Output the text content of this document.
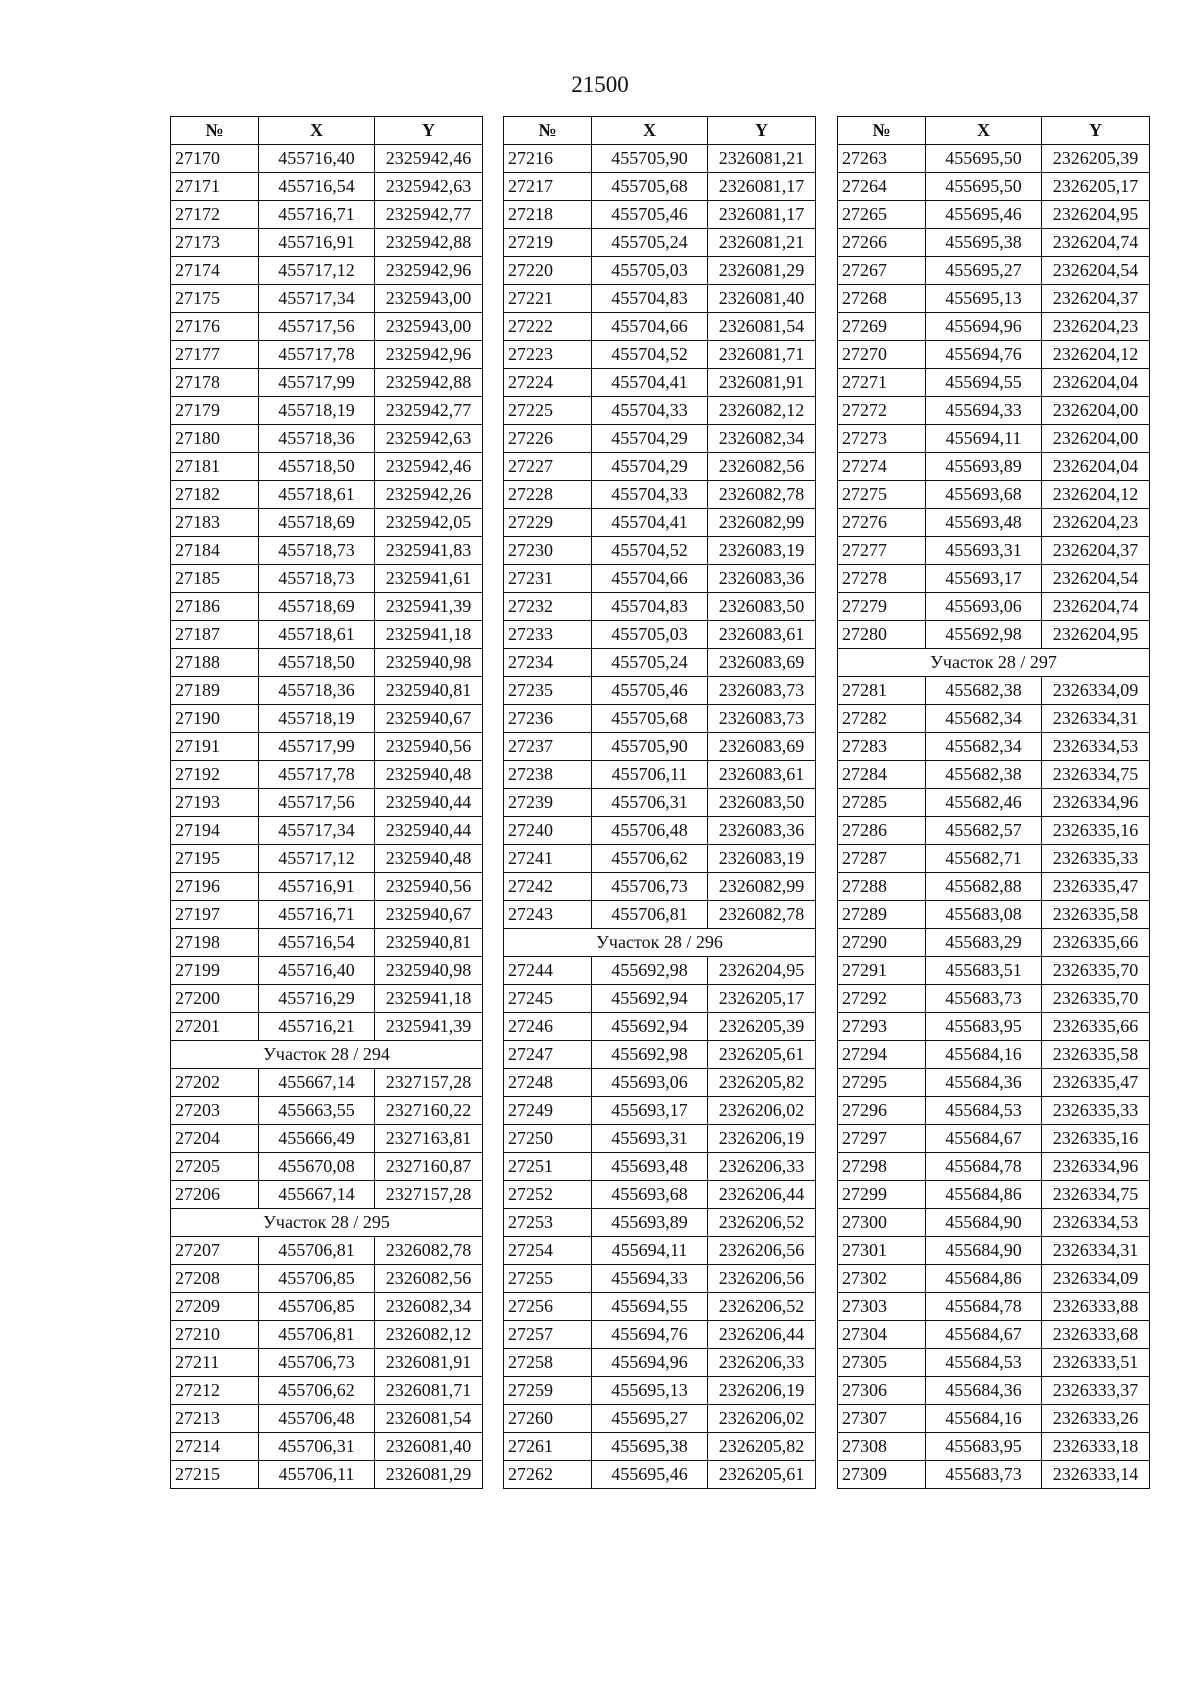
21500
№	X	Y
27170	455716,40	2325942,46
27171	455716,54	2325942,63
27172	455716,71	2325942,77
27173	455716,91	2325942,88
27174	455717,12	2325942,96
27175	455717,34	2325943,00
27176	455717,56	2325943,00
27177	455717,78	2325942,96
27178	455717,99	2325942,88
27179	455718,19	2325942,77
27180	455718,36	2325942,63
27181	455718,50	2325942,46
27182	455718,61	2325942,26
27183	455718,69	2325942,05
27184	455718,73	2325941,83
27185	455718,73	2325941,61
27186	455718,69	2325941,39
27187	455718,61	2325941,18
27188	455718,50	2325940,98
27189	455718,36	2325940,81
27190	455718,19	2325940,67
27191	455717,99	2325940,56
27192	455717,78	2325940,48
27193	455717,56	2325940,44
27194	455717,34	2325940,44
27195	455717,12	2325940,48
27196	455716,91	2325940,56
27197	455716,71	2325940,67
27198	455716,54	2325940,81
27199	455716,40	2325940,98
27200	455716,29	2325941,18
27201	455716,21	2325941,39
Участок 28 / 294		
27202	455667,14	2327157,28
27203	455663,55	2327160,22
27204	455666,49	2327163,81
27205	455670,08	2327160,87
27206	455667,14	2327157,28
Участок 28 / 295		
27207	455706,81	2326082,78
27208	455706,85	2326082,56
27209	455706,85	2326082,34
27210	455706,81	2326082,12
27211	455706,73	2326081,91
27212	455706,62	2326081,71
27213	455706,48	2326081,54
27214	455706,31	2326081,40
27215	455706,11	2326081,29
№	X	Y
27216	455705,90	2326081,21
27217	455705,68	2326081,17
27218	455705,46	2326081,17
27219	455705,24	2326081,21
27220	455705,03	2326081,29
27221	455704,83	2326081,40
27222	455704,66	2326081,54
27223	455704,52	2326081,71
27224	455704,41	2326081,91
27225	455704,33	2326082,12
27226	455704,29	2326082,34
27227	455704,29	2326082,56
27228	455704,33	2326082,78
27229	455704,41	2326082,99
27230	455704,52	2326083,19
27231	455704,66	2326083,36
27232	455704,83	2326083,50
27233	455705,03	2326083,61
27234	455705,24	2326083,69
27235	455705,46	2326083,73
27236	455705,68	2326083,73
27237	455705,90	2326083,69
27238	455706,11	2326083,61
27239	455706,31	2326083,50
27240	455706,48	2326083,36
27241	455706,62	2326083,19
27242	455706,73	2326082,99
27243	455706,81	2326082,78
Участок 28 / 296		
27244	455692,98	2326204,95
27245	455692,94	2326205,17
27246	455692,94	2326205,39
27247	455692,98	2326205,61
27248	455693,06	2326205,82
27249	455693,17	2326206,02
27250	455693,31	2326206,19
27251	455693,48	2326206,33
27252	455693,68	2326206,44
27253	455693,89	2326206,52
27254	455694,11	2326206,56
27255	455694,33	2326206,56
27256	455694,55	2326206,52
27257	455694,76	2326206,44
27258	455694,96	2326206,33
27259	455695,13	2326206,19
27260	455695,27	2326206,02
27261	455695,38	2326205,82
27262	455695,46	2326205,61
№	X	Y
27263	455695,50	2326205,39
27264	455695,50	2326205,17
27265	455695,46	2326204,95
27266	455695,38	2326204,74
27267	455695,27	2326204,54
27268	455695,13	2326204,37
27269	455694,96	2326204,23
27270	455694,76	2326204,12
27271	455694,55	2326204,04
27272	455694,33	2326204,00
27273	455694,11	2326204,00
27274	455693,89	2326204,04
27275	455693,68	2326204,12
27276	455693,48	2326204,23
27277	455693,31	2326204,37
27278	455693,17	2326204,54
27279	455693,06	2326204,74
27280	455692,98	2326204,95
Участок 28 / 297		
27281	455682,38	2326334,09
27282	455682,34	2326334,31
27283	455682,34	2326334,53
27284	455682,38	2326334,75
27285	455682,46	2326334,96
27286	455682,57	2326335,16
27287	455682,71	2326335,33
27288	455682,88	2326335,47
27289	455683,08	2326335,58
27290	455683,29	2326335,66
27291	455683,51	2326335,70
27292	455683,73	2326335,70
27293	455683,95	2326335,66
27294	455684,16	2326335,58
27295	455684,36	2326335,47
27296	455684,53	2326335,33
27297	455684,67	2326335,16
27298	455684,78	2326334,96
27299	455684,86	2326334,75
27300	455684,90	2326334,53
27301	455684,90	2326334,31
27302	455684,86	2326334,09
27303	455684,78	2326333,88
27304	455684,67	2326333,68
27305	455684,53	2326333,51
27306	455684,36	2326333,37
27307	455684,16	2326333,26
27308	455683,95	2326333,18
27309	455683,73	2326333,14
